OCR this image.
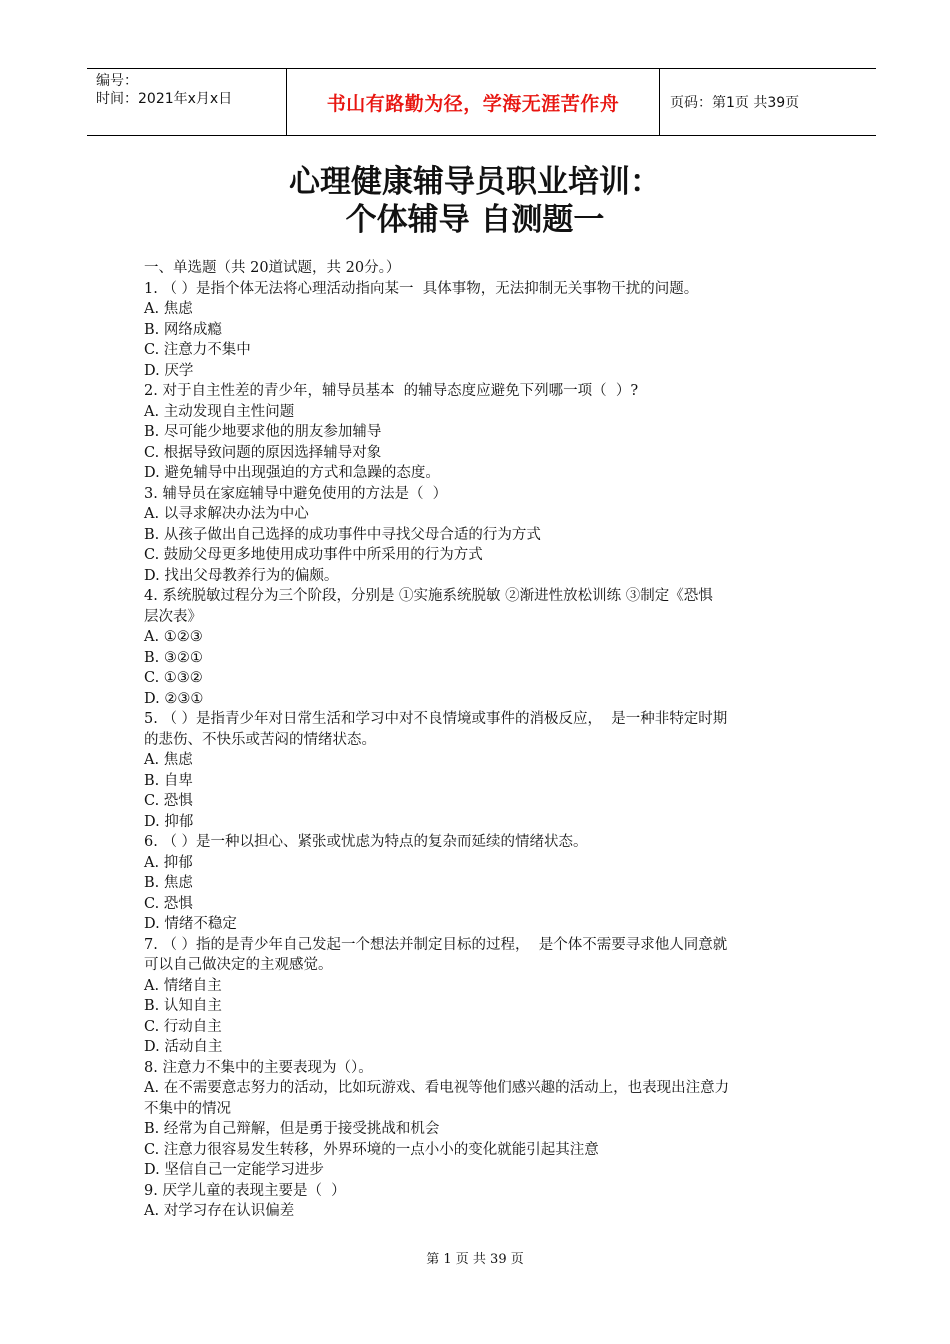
编号：
时间：2021年x月x日	书山有路勤为径，学海无涯苦作舟	页码：第1页 共39页
心理健康辅导员职业培训：
个体辅导 自测题一
一、单选题（共 20道试题，共 20分。）
1. （ ）是指个体无法将心理活动指向某一  具体事物，无法抑制无关事物干扰的问题。
A. 焦虑
B. 网络成瘾
C. 注意力不集中
D. 厌学
2. 对于自主性差的青少年，辅导员基本  的辅导态度应避免下列哪一项（  ）?
A. 主动发现自主性问题
B. 尽可能少地要求他的朋友参加辅导
C. 根据导致问题的原因选择辅导对象
D. 避免辅导中出现强迫的方式和急躁的态度。
3. 辅导员在家庭辅导中避免使用的方法是（  ）
A. 以寻求解决办法为中心
B. 从孩子做出自己选择的成功事件中寻找父母合适的行为方式
C. 鼓励父母更多地使用成功事件中所采用的行为方式
D. 找出父母教养行为的偏颇。
4. 系统脱敏过程分为三个阶段，分别是 ①实施系统脱敏 ②渐进性放松训练 ③制定《恐惧
层次表》
A. ①②③
B. ③②①
C. ①③②
D. ②③①
5. （ ）是指青少年对日常生活和学习中对不良情境或事件的消极反应，  是一种非特定时期
的悲伤、不快乐或苦闷的情绪状态。
A. 焦虑
B. 自卑
C. 恐惧
D. 抑郁
6. （ ）是一种以担心、紧张或忧虑为特点的复杂而延续的情绪状态。
A. 抑郁
B. 焦虑
C. 恐惧
D. 情绪不稳定
7. （ ）指的是青少年自己发起一个想法并制定目标的过程，  是个体不需要寻求他人同意就
可以自己做决定的主观感觉。
A. 情绪自主
B. 认知自主
C. 行动自主
D. 活动自主
8. 注意力不集中的主要表现为（）。
A. 在不需要意志努力的活动，比如玩游戏、看电视等他们感兴趣的活动上，也表现出注意力
不集中的情况
B. 经常为自己辩解，但是勇于接受挑战和机会
C. 注意力很容易发生转移，外界环境的一点小小的变化就能引起其注意
D. 坚信自己一定能学习进步
9. 厌学儿童的表现主要是（  ）
A. 对学习存在认识偏差
第 1 页 共 39 页
